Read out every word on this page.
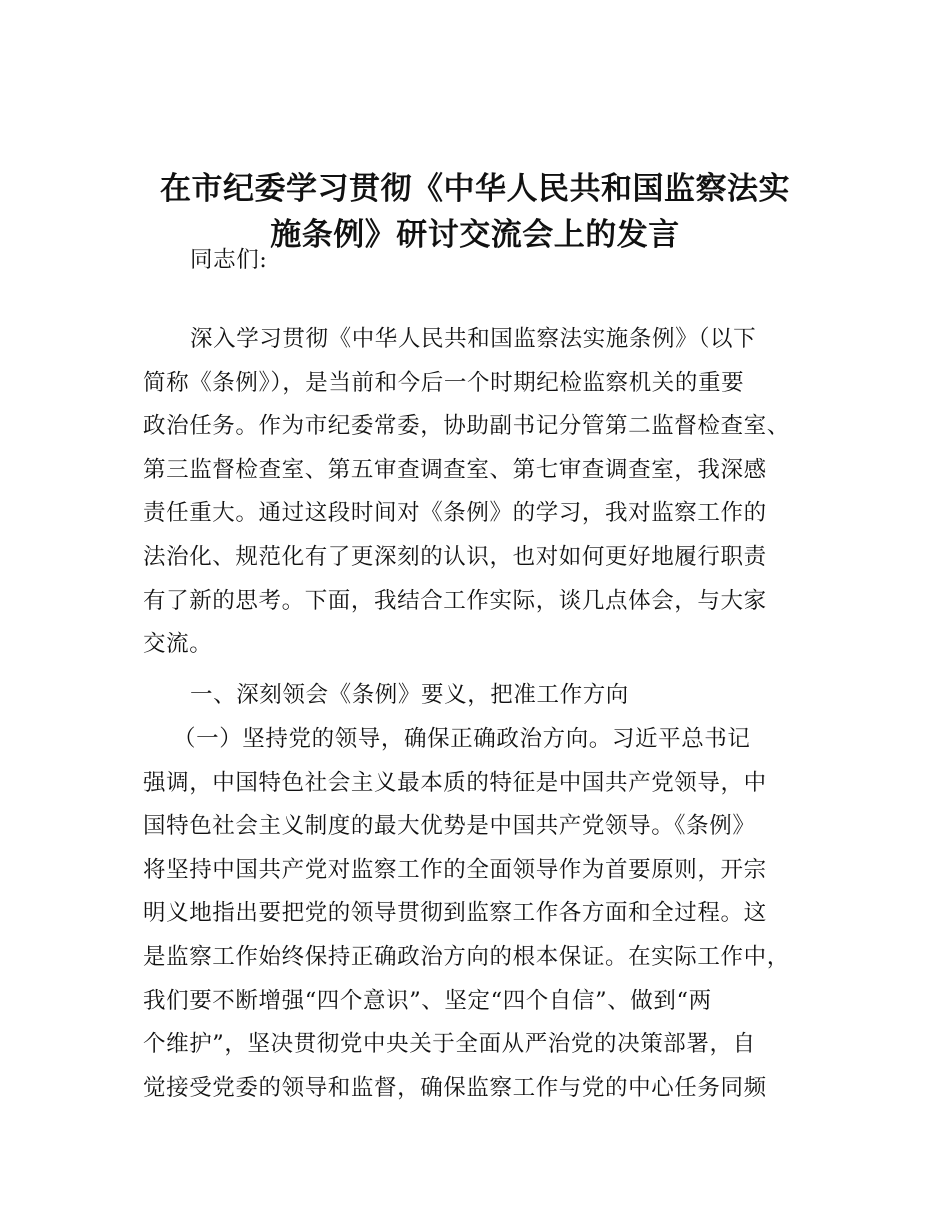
在市纪委学习贯彻《中华人民共和国监察法实
施条例》研讨交流会上的发言
同志们:
深入学习贯彻《中华人民共和国监察法实施条例》（以下
简称《条例》），是当前和今后一个时期纪检监察机关的重要
政治任务。作为市纪委常委，协助副书记分管第二监督检查室、
第三监督检查室、第五审查调查室、第七审查调查室，我深感
责任重大。通过这段时间对《条例》的学习，我对监察工作的
法治化、规范化有了更深刻的认识，也对如何更好地履行职责
有了新的思考。下面，我结合工作实际，谈几点体会，与大家
交流。
一、深刻领会《条例》要义，把准工作方向
（一）坚持党的领导，确保正确政治方向。习近平总书记
强调，中国特色社会主义最本质的特征是中国共产党领导，中
国特色社会主义制度的最大优势是中国共产党领导。《条例》
将坚持中国共产党对监察工作的全面领导作为首要原则，开宗
明义地指出要把党的领导贯彻到监察工作各方面和全过程。这
是监察工作始终保持正确政治方向的根本保证。在实际工作中，
我们要不断增强“四个意识”、坚定“四个自信”、做到“两
个维护”，坚决贯彻党中央关于全面从严治党的决策部署，自
觉接受党委的领导和监督，确保监察工作与党的中心任务同频
